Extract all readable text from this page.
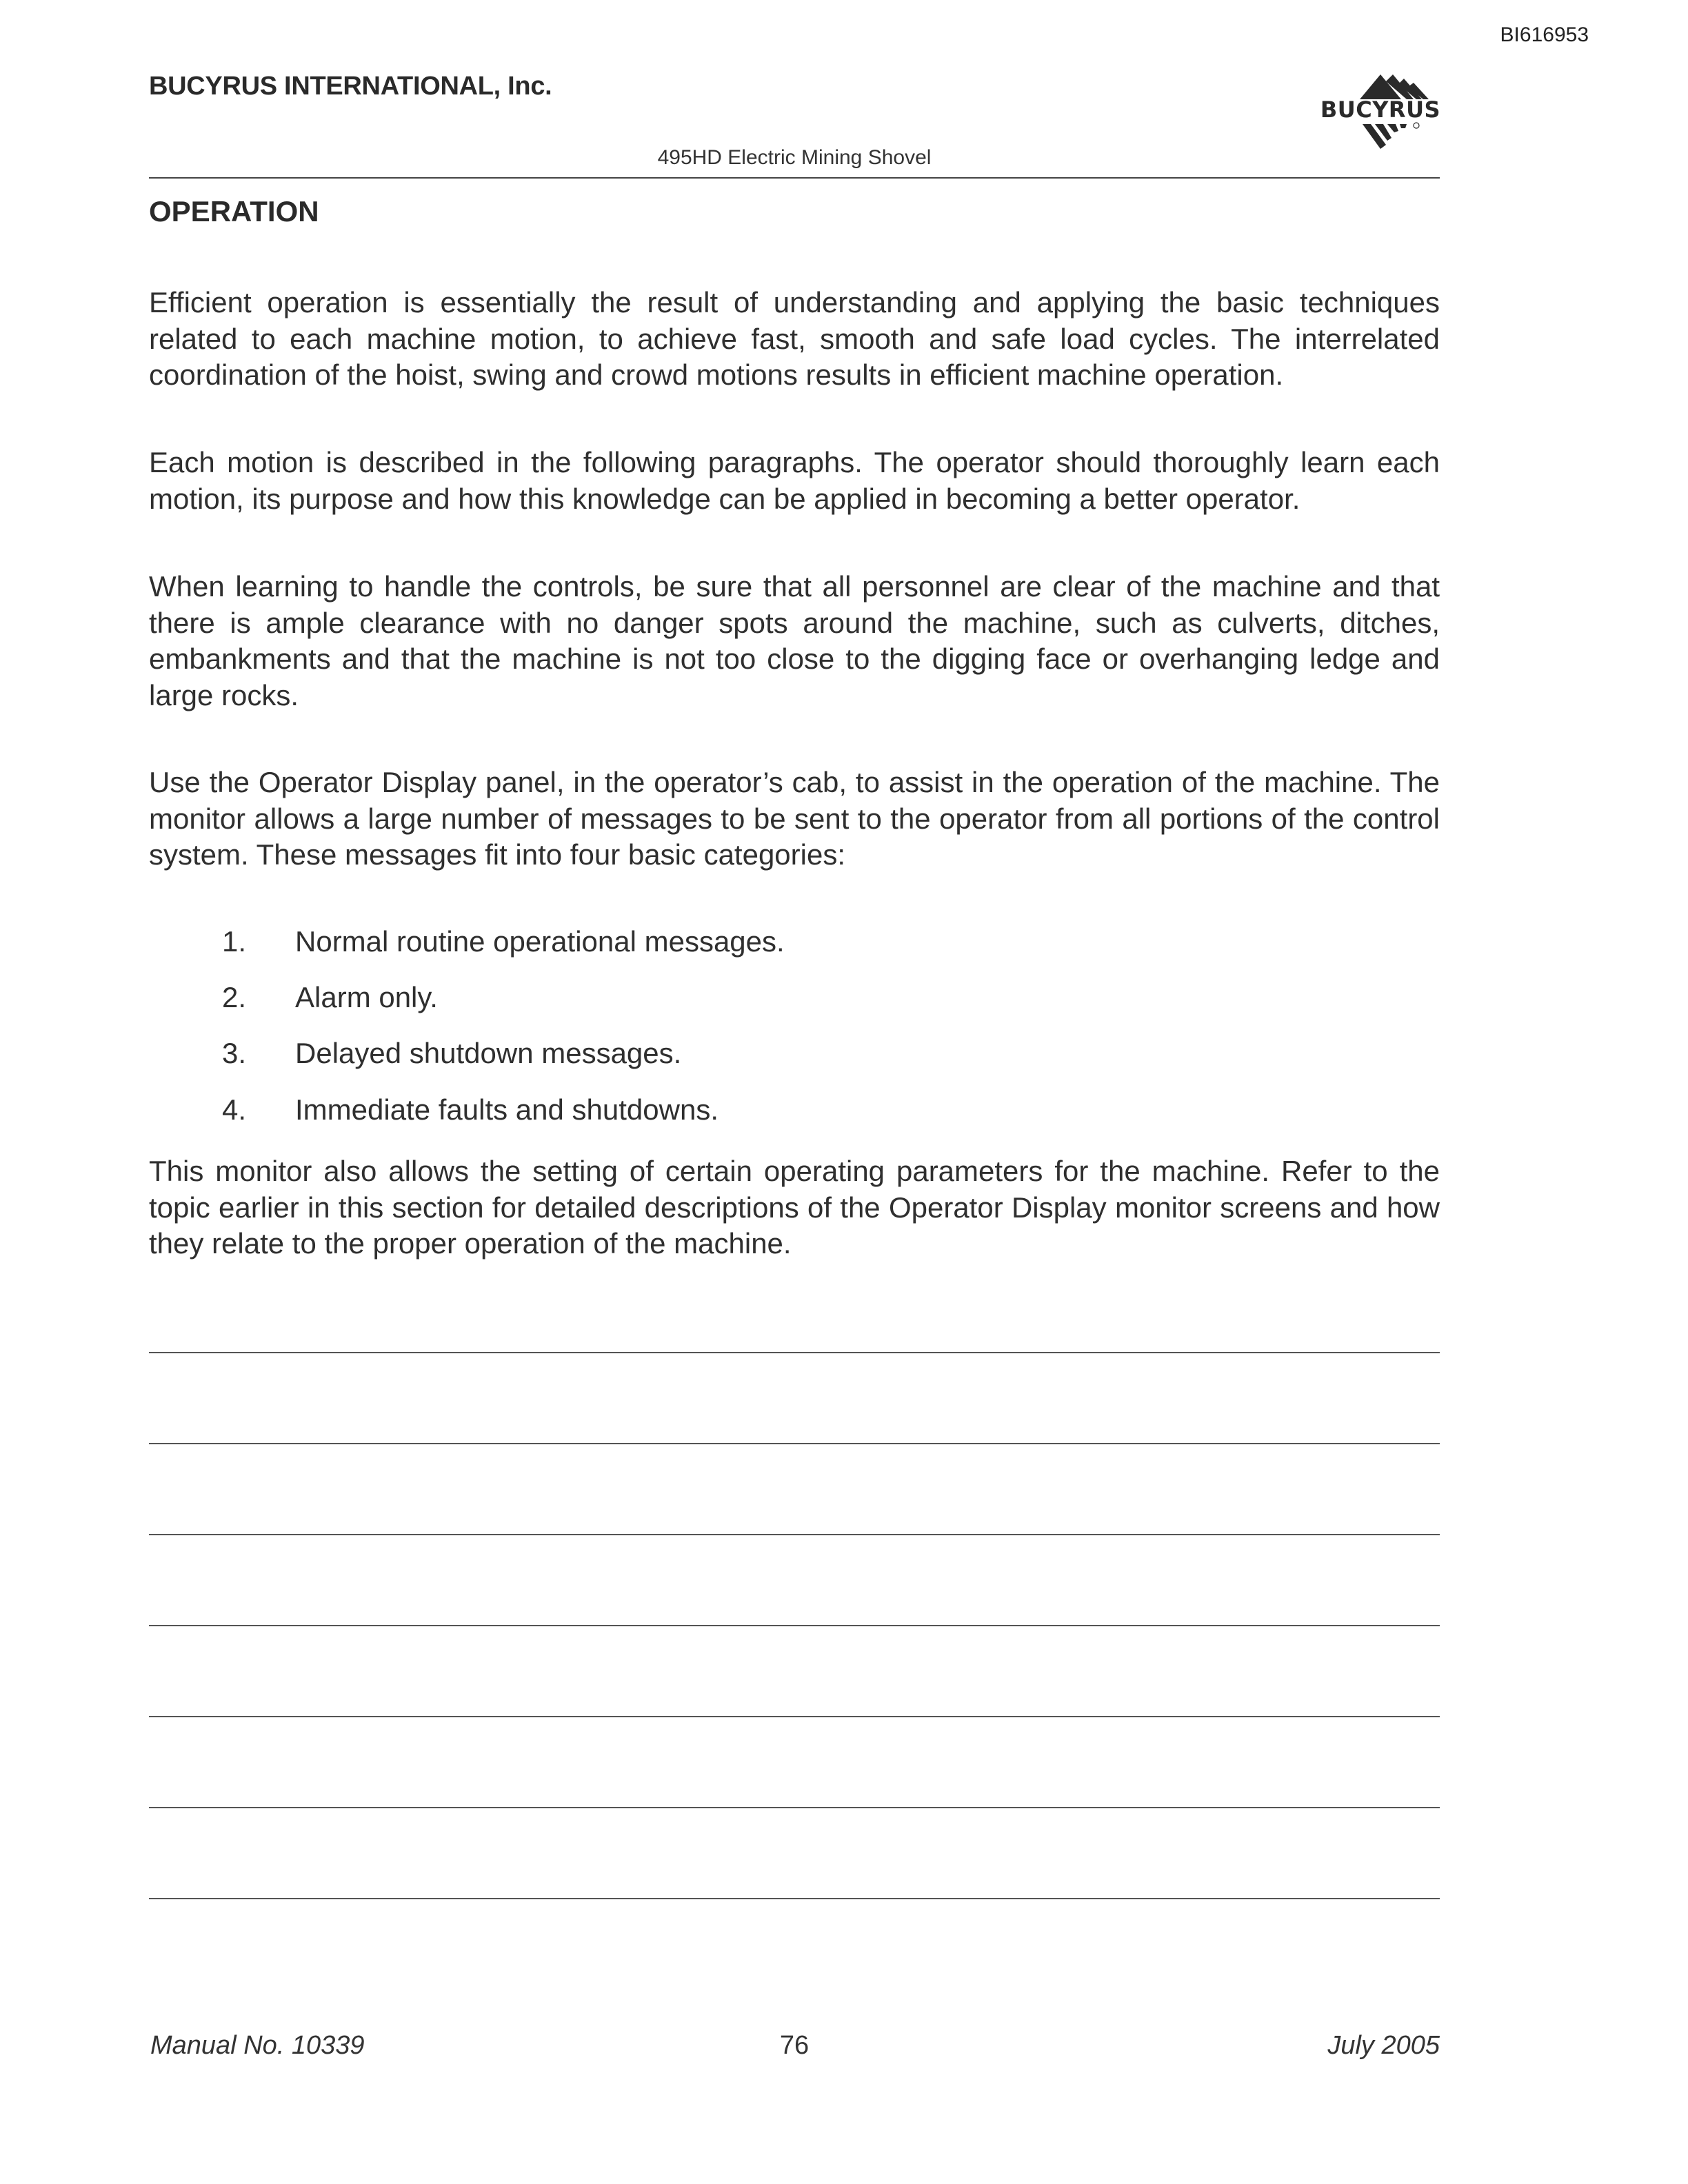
BI616953
BUCYRUS INTERNATIONAL, Inc.
BUCYRUS
495HD Electric Mining Shovel
OPERATION

Efficient operation is essentially the result of understanding and applying the basic techniques related to each machine motion, to achieve fast, smooth and safe load cycles. The interrelated coordination of the hoist, swing and crowd motions results in efficient machine operation.

Each motion is described in the following paragraphs. The operator should thoroughly learn each motion, its purpose and how this knowledge can be applied in becoming a better operator.

When learning to handle the controls, be sure that all personnel are clear of the machine and that there is ample clearance with no danger spots around the machine, such as culverts, ditches, embankments and that the machine is not too close to the digging face or overhanging ledge and large rocks.

Use the Operator Display panel, in the operator’s cab, to assist in the operation of the machine. The monitor allows a large number of messages to be sent to the operator from all portions of the control system. These messages fit into four basic categories:

1. Normal routine operational messages.
2. Alarm only.
3. Delayed shutdown messages.
4. Immediate faults and shutdowns.

This monitor also allows the setting of certain operating parameters for the machine. Refer to the topic earlier in this section for detailed descriptions of the Operator Display monitor screens and how they relate to the proper operation of the machine.

Manual No. 10339	76	July 2005
